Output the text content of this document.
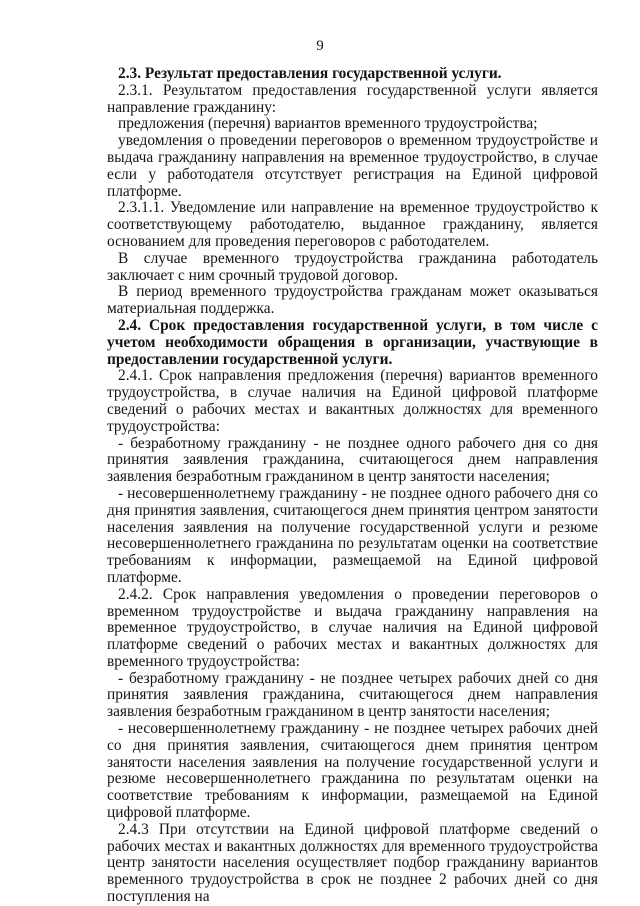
9

2.3. Результат предоставления государственной услуги.

2.3.1. Результатом предоставления государственной услуги является направление гражданину:

предложения (перечня) вариантов временного трудоустройства;

уведомления о проведении переговоров о временном трудоустройстве и выдача гражданину направления на временное трудоустройство, в случае если у работодателя отсутствует регистрация на Единой цифровой платформе.

2.3.1.1. Уведомление или направление на временное трудоустройство к соответствующему работодателю, выданное гражданину, является основанием для проведения переговоров с работодателем.

В случае временного трудоустройства гражданина работодатель заключает с ним срочный трудовой договор.

В период временного трудоустройства гражданам может оказываться материальная поддержка.

2.4. Срок предоставления государственной услуги, в том числе с учетом необходимости обращения в организации, участвующие в предоставлении государственной услуги.

2.4.1. Срок направления предложения (перечня) вариантов временного трудоустройства, в случае наличия на Единой цифровой платформе сведений о рабочих местах и вакантных должностях для временного трудоустройства:

- безработному гражданину - не позднее одного рабочего дня со дня принятия заявления гражданина, считающегося днем направления заявления безработным гражданином в центр занятости населения;

- несовершеннолетнему гражданину - не позднее одного рабочего дня со дня принятия заявления, считающегося днем принятия центром занятости населения заявления на получение государственной услуги и резюме несовершеннолетнего гражданина по результатам оценки на соответствие требованиям к информации, размещаемой на Единой цифровой платформе.

2.4.2. Срок направления уведомления о проведении переговоров о временном трудоустройстве и выдача гражданину направления на временное трудоустройство, в случае наличия на Единой цифровой платформе сведений о рабочих местах и вакантных должностях для временного трудоустройства:

- безработному гражданину - не позднее четырех рабочих дней со дня принятия заявления гражданина, считающегося днем направления заявления безработным гражданином в центр занятости населения;

- несовершеннолетнему гражданину - не позднее четырех рабочих дней со дня принятия заявления, считающегося днем принятия центром занятости населения заявления на получение государственной услуги и резюме несовершеннолетнего гражданина по результатам оценки на соответствие требованиям к информации, размещаемой на Единой цифровой платформе.

2.4.3 При отсутствии на Единой цифровой платформе сведений о рабочих местах и вакантных должностях для временного трудоустройства центр занятости населения осуществляет подбор гражданину вариантов временного трудоустройства в срок не позднее 2 рабочих дней со дня поступления на
